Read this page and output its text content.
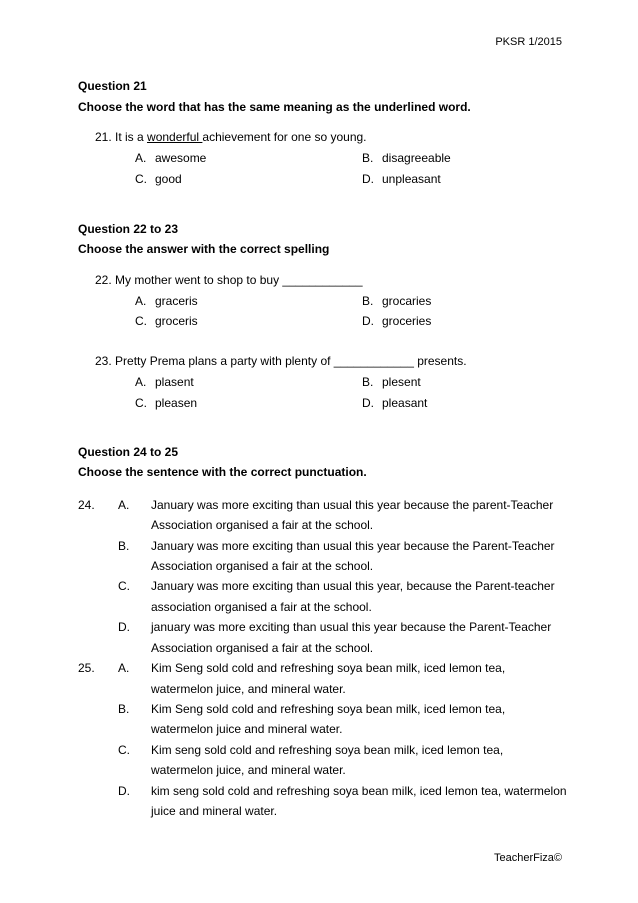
PKSR 1/2015
Question 21
Choose the word that has the same meaning as the underlined word.
21. It is a wonderful achievement for one so young.
A. awesome	B. disagreeable
C. good	D. unpleasant
Question 22 to 23
Choose the answer with the correct spelling
22. My mother went to shop to buy ____________
A. graceris	B. grocaries
C. groceris	D. groceries
23. Pretty Prema plans a party with plenty of ____________ presents.
A. plasent	B. plesent
C. pleasen	D. pleasant
Question 24 to 25
Choose the sentence with the correct punctuation.
24. A. January was more exciting than usual this year because the parent-Teacher
Association organised a fair at the school.
B. January was more exciting than usual this year because the Parent-Teacher
Association organised a fair at the school.
C. January was more exciting than usual this year, because the Parent-teacher
association organised a fair at the school.
D. january was more exciting than usual this year because the Parent-Teacher
Association organised a fair at the school.
25. A. Kim Seng sold cold and refreshing soya bean milk, iced lemon tea,
watermelon juice, and mineral water.
B. Kim Seng sold cold and refreshing soya bean milk, iced lemon tea,
watermelon juice and mineral water.
C. Kim seng sold cold and refreshing soya bean milk, iced lemon tea,
watermelon juice, and mineral water.
D. kim seng sold cold and refreshing soya bean milk, iced lemon tea, watermelon
juice and mineral water.
TeacherFiza©
